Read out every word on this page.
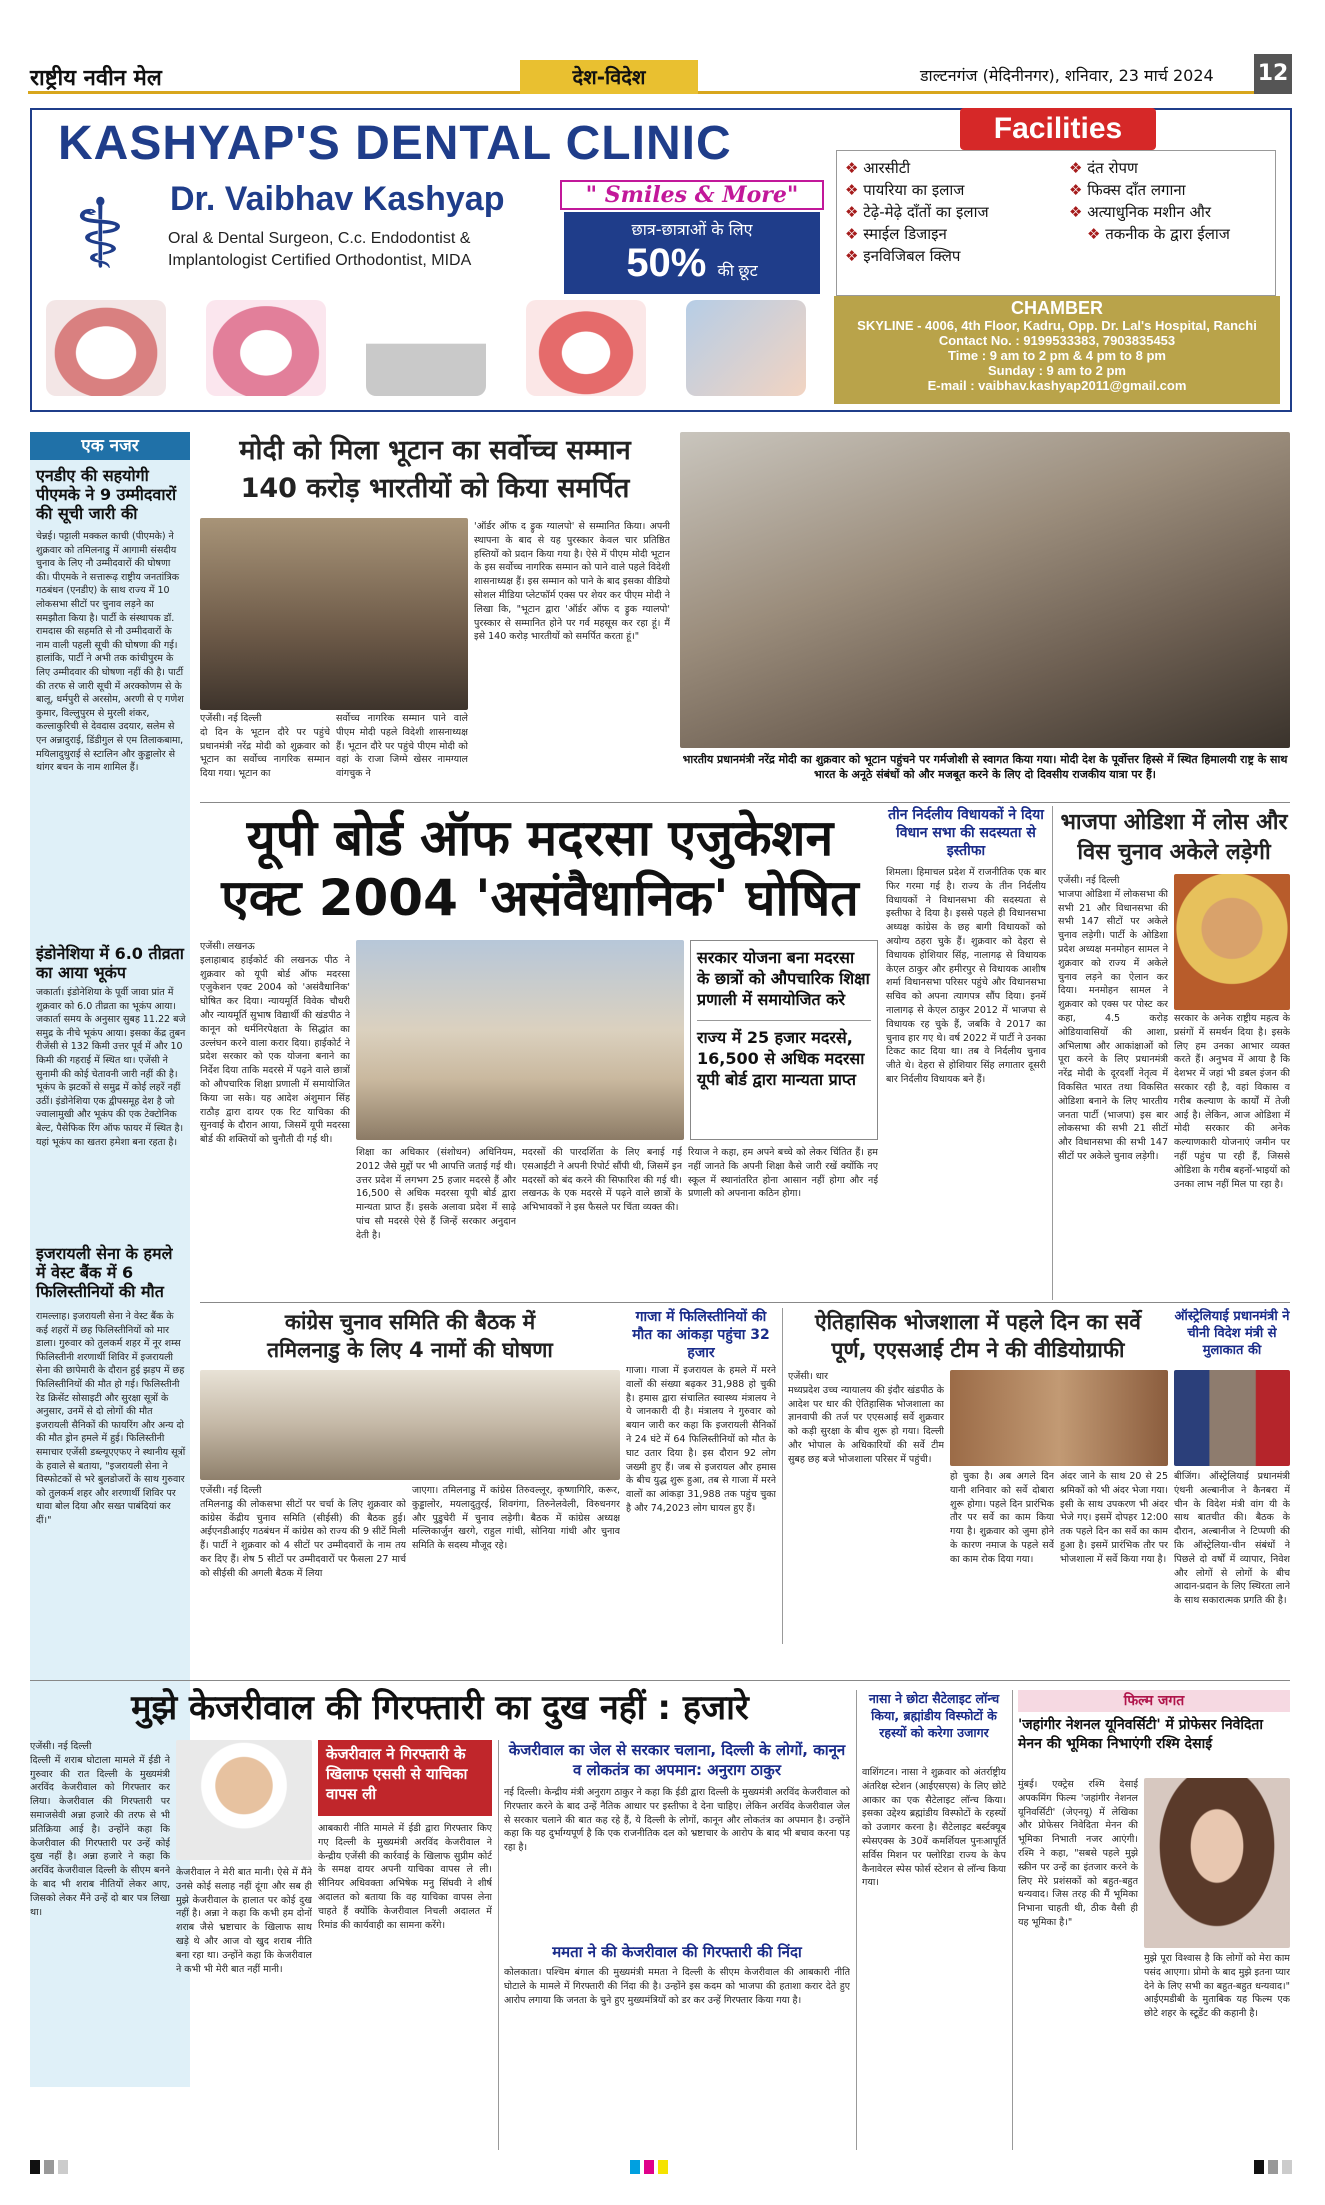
राष्ट्रीय नवीन मेल	देश-विदेश	डाल्टनगंज (मेदिनीनगर), शनिवार, 23 मार्च 2024 12
KASHYAP'S DENTAL CLINIC
⚕	Dr. Vaibhav Kashyap	" Smiles & More"
Oral & Dental Surgeon, C.c. Endodontist &
Implantologist Certified Orthodontist, MIDA
छात्र-छात्राओं के लिए
50% की छूट
Facilities
❖ आरसीटी
❖ पायरिया का इलाज
❖ टेढ़े-मेढ़े दाँतों का इलाज
❖ स्माईल डिजाइन
❖ इनविजिबल क्लिप
❖ दंत रोपण
❖ फिक्स दाँत लगाना
❖ अत्याधुनिक मशीन और
❖ तकनीक के द्वारा ईलाज
CHAMBER
SKYLINE - 4006, 4th Floor, Kadru, Opp. Dr. Lal's Hospital, Ranchi
Contact No. : 9199533383, 7903835453
Time : 9 am to 2 pm & 4 pm to 8 pm
Sunday : 9 am to 2 pm
E-mail : vaibhav.kashyap2011@gmail.com
एक नजर
एनडीए की सहयोगी पीएमके ने 9 उम्मीदवारों की सूची जारी की
चेन्नई। पट्टाली मक्कल काची (पीएमके) ने शुक्रवार को तमिलनाडु में आगामी संसदीय चुनाव के लिए नौ उम्मीदवारों की घोषणा की। पीएमके ने सत्तारूढ़ राष्ट्रीय जनतांत्रिक गठबंधन (एनडीए) के साथ राज्य में 10 लोकसभा सीटों पर चुनाव लड़ने का समझौता किया है। पार्टी के संस्थापक डॉ. रामदास की सहमति से नौ उम्मीदवारों के नाम वाली पहली सूची की घोषणा की गई। हालांकि, पार्टी ने अभी तक कांचीपुरम के लिए उम्मीदवार की घोषणा नहीं की है। पार्टी की तरफ से जारी सूची में अरक्कोणम से के बालू, धर्मपुरी से अरसोम, अरणी से ए गणेश कुमार, विल्लुपुरम से मुरली शंकर, कल्लाकुरिची से देवदास उदयार, सलेम से एन अन्नादुराई, डिंडीगुल से एम तिलाकबामा, मयिलादुथुराई से स्टालिन और कुड्डालोर से थांगर बचन के नाम शामिल हैं।
इंडोनेशिया में 6.0 तीव्रता का आया भूकंप
जकार्ता। इंडोनेशिया के पूर्वी जावा प्रांत में शुक्रवार को 6.0 तीव्रता का भूकंप आया। जकार्ता समय के अनुसार सुबह 11.22 बजे समुद्र के नीचे भूकंप आया। इसका केंद्र तुबन रीजेंसी से 132 किमी उत्तर पूर्व में और 10 किमी की गहराई में स्थित था। एजेंसी ने सुनामी की कोई चेतावनी जारी नहीं की है। भूकंप के झटकों से समुद्र में कोई लहरें नहीं उठीं। इंडोनेशिया एक द्वीपसमूह देश है जो ज्वालामुखी और भूकंप की एक टेक्टोनिक बेल्ट, पैसेफिक रिंग ऑफ फायर में स्थित है। यहां भूकंप का खतरा हमेशा बना रहता है।
इजरायली सेना के हमले में वेस्ट बैंक में 6 फिलिस्तीनियों की मौत
रामल्लाह। इजरायली सेना ने वेस्ट बैंक के कई शहरों में छह फिलिस्तीनियों को मार डाला। गुरुवार को तुलकर्म शहर में नूर शम्स फिलिस्तीनी शरणार्थी शिविर में इजरायली सेना की छापेमारी के दौरान हुई झड़प में छह फिलिस्तीनियों की मौत हो गई। फिलिस्तीनी रेड क्रिसेंट सोसाइटी और सुरक्षा सूत्रों के अनुसार, उनमें से दो लोगों की मौत इजरायली सैनिकों की फायरिंग और अन्य दो की मौत ड्रोन हमले में हुई। फिलिस्तीनी समाचार एजेंसी डब्ल्यूएएफए ने स्थानीय सूत्रों के हवाले से बताया, "इजरायली सेना ने विस्फोटकों से भरे बुलडोजरों के साथ गुरुवार को तुलकर्म शहर और शरणार्थी शिविर पर धावा बोल दिया और सख्त पाबंदियां कर दीं।"
मोदी को मिला भूटान का सर्वोच्च सम्मान
140 करोड़ भारतीयों को किया समर्पित
एजेंसी। नई दिल्ली
दो दिन के भूटान दौरे पर पहुंचे प्रधानमंत्री नरेंद्र मोदी को शुक्रवार को भूटान का सर्वोच्च नागरिक सम्मान दिया गया। भूटान का
सर्वोच्च नागरिक सम्मान पाने वाले पीएम मोदी पहले विदेशी शासनाध्यक्ष हैं। भूटान दौरे पर पहुंचे पीएम मोदी को वहां के राजा जिग्मे खेसर नामग्याल वांगचुक ने
'ऑर्डर ऑफ द ड्रुक ग्यालपो' से सम्मानित किया। अपनी स्थापना के बाद से यह पुरस्कार केवल चार प्रतिष्ठित हस्तियों को प्रदान किया गया है। ऐसे में पीएम मोदी भूटान के इस सर्वोच्च नागरिक सम्मान को पाने वाले पहले विदेशी शासनाध्यक्ष हैं। इस सम्मान को पाने के बाद इसका वीडियो सोशल मीडिया प्लेटफॉर्म एक्स पर शेयर कर पीएम मोदी ने लिखा कि, "भूटान द्वारा 'ऑर्डर ऑफ द ड्रुक ग्यालपो' पुरस्कार से सम्मानित होने पर गर्व महसूस कर रहा हूं। मैं इसे 140 करोड़ भारतीयों को समर्पित करता हूं।"
भारतीय प्रधानमंत्री नरेंद्र मोदी का शुक्रवार को भूटान पहुंचने पर गर्मजोशी से स्वागत किया गया। मोदी देश के पूर्वोत्तर हिस्से में स्थित हिमालयी राष्ट्र के साथ भारत के अनूठे संबंधों को और मजबूत करने के लिए दो दिवसीय राजकीय यात्रा पर हैं।
यूपी बोर्ड ऑफ मदरसा एजुकेशन
एक्ट 2004 'असंवैधानिक' घोषित
एजेंसी। लखनऊ
इलाहाबाद हाईकोर्ट की लखनऊ पीठ ने शुक्रवार को यूपी बोर्ड ऑफ मदरसा एजुकेशन एक्ट 2004 को 'असंवैधानिक' घोषित कर दिया। न्यायमूर्ति विवेक चौधरी और न्यायमूर्ति सुभाष विद्यार्थी की खंडपीठ ने कानून को धर्मनिरपेक्षता के सिद्धांत का उल्लंघन करने वाला करार दिया। हाईकोर्ट ने प्रदेश सरकार को एक योजना बनाने का निर्देश दिया ताकि मदरसे में पढ़ने वाले छात्रों को औपचारिक शिक्षा प्रणाली में समायोजित किया जा सके। यह आदेश अंशुमान सिंह राठौड़ द्वारा दायर एक रिट याचिका की सुनवाई के दौरान आया, जिसमें यूपी मदरसा बोर्ड की शक्तियों को चुनौती दी गई थी।
सरकार योजना बना मदरसा के छात्रों को औपचारिक शिक्षा प्रणाली में समायोजित करे
राज्य में 25 हजार मदरसे, 16,500 से अधिक मदरसा यूपी बोर्ड द्वारा मान्यता प्राप्त
शिक्षा का अधिकार (संशोधन) अधिनियम, 2012 जैसे मुद्दों पर भी आपत्ति जताई गई थी। उत्तर प्रदेश में लगभग 25 हजार मदरसे हैं और 16,500 से अधिक मदरसा यूपी बोर्ड द्वारा मान्यता प्राप्त हैं। इसके अलावा प्रदेश में साढ़े पांच सौ मदरसे ऐसे हैं जिन्हें सरकार अनुदान देती है।
मदरसों की पारदर्शिता के लिए बनाई गई एसआईटी ने अपनी रिपोर्ट सौंपी थी, जिसमें इन मदरसों को बंद करने की सिफारिश की गई थी। लखनऊ के एक मदरसे में पढ़ने वाले छात्रों के अभिभावकों ने इस फैसले पर चिंता व्यक्त की।
रियाज ने कहा, हम अपने बच्चे को लेकर चिंतित हैं। हम नहीं जानते कि अपनी शिक्षा कैसे जारी रखें क्योंकि नए स्कूल में स्थानांतरित होना आसान नहीं होगा और नई प्रणाली को अपनाना कठिन होगा।
तीन निर्दलीय विधायकों ने दिया विधान सभा की सदस्यता से इस्तीफा
शिमला। हिमाचल प्रदेश में राजनीतिक एक बार फिर गरमा गई है। राज्य के तीन निर्दलीय विधायकों ने विधानसभा की सदस्यता से इस्तीफा दे दिया है। इससे पहले ही विधानसभा अध्यक्ष कांग्रेस के छह बागी विधायकों को अयोग्य ठहरा चुके हैं। शुक्रवार को देहरा से विधायक होशियार सिंह, नालागढ़ से विधायक केएल ठाकुर और हमीरपुर से विधायक आशीष शर्मा विधानसभा परिसर पहुंचे और विधानसभा सचिव को अपना त्यागपत्र सौंप दिया। इनमें नालागढ़ से केएल ठाकुर 2012 में भाजपा से विधायक रह चुके हैं, जबकि वे 2017 का चुनाव हार गए थे। वर्ष 2022 में पार्टी ने उनका टिकट काट दिया था। तब वे निर्दलीय चुनाव जीते थे। देहरा से होशियार सिंह लगातार दूसरी बार निर्दलीय विधायक बने हैं।
भाजपा ओडिशा में लोस और विस चुनाव अकेले लड़ेगी
एजेंसी। नई दिल्ली
भाजपा ओडिशा में लोकसभा की सभी 21 और विधानसभा की सभी 147 सीटों पर अकेले चुनाव लड़ेगी। पार्टी के ओडिशा प्रदेश अध्यक्ष मनमोहन सामल ने शुक्रवार को राज्य में अकेले चुनाव लड़ने का ऐलान कर दिया। मनमोहन सामल ने शुक्रवार को एक्स पर पोस्ट कर कहा, 4.5 करोड़ ओडियावासियों की आशा, अभिलाषा और आकांक्षाओं को पूरा करने के लिए प्रधानमंत्री नरेंद्र मोदी के दूरदर्शी नेतृत्व में विकसित भारत तथा विकसित ओडिशा बनाने के लिए भारतीय जनता पार्टी (भाजपा) इस बार लोकसभा की सभी 21 सीटों और विधानसभा की सभी 147 सीटों पर अकेले चुनाव लड़ेगी।
सरकार के अनेक राष्ट्रीय महत्व के प्रसंगों में समर्थन दिया है। इसके लिए हम उनका आभार व्यक्त करते हैं। अनुभव में आया है कि देशभर में जहां भी डबल इंजन की सरकार रही है, वहां विकास व गरीब कल्याण के कार्यों में तेजी आई है। लेकिन, आज ओडिशा में मोदी सरकार की अनेक कल्याणकारी योजनाएं जमीन पर नहीं पहुंच पा रही हैं, जिससे ओडिशा के गरीब बहनों-भाइयों को उनका लाभ नहीं मिल पा रहा है।
कांग्रेस चुनाव समिति की बैठक में
तमिलनाडु के लिए 4 नामों की घोषणा
एजेंसी। नई दिल्ली
तमिलनाडु की लोकसभा सीटों पर चर्चा के लिए शुक्रवार को कांग्रेस केंद्रीय चुनाव समिति (सीईसी) की बैठक हुई। अईएनडीआईए गठबंधन में कांग्रेस को राज्य की 9 सीटें मिली हैं। पार्टी ने शुक्रवार को 4 सीटों पर उम्मीदवारों के नाम तय कर दिए हैं। शेष 5 सीटों पर उम्मीदवारों पर फैसला 27 मार्च को सीईसी की अगली बैठक में लिया
जाएगा। तमिलनाडु में कांग्रेस तिरुवल्लूर, कृष्णागिरि, करूर, कुड्डालोर, मयलादुतुरई, शिवगंगा, तिरुनेलवेली, विरुधनगर और पुडुचेरी में चुनाव लड़ेगी। बैठक में कांग्रेस अध्यक्ष मल्लिकार्जुन खरगे, राहुल गांधी, सोनिया गांधी और चुनाव समिति के सदस्य मौजूद रहे।
गाजा में फिलिस्तीनियों की मौत का आंकड़ा पहुंचा 32 हजार
गाजा। गाजा में इजरायल के हमले में मरने वालों की संख्या बढ़कर 31,988 हो चुकी है। हमास द्वारा संचालित स्वास्थ्य मंत्रालय ने ये जानकारी दी है। मंत्रालय ने गुरुवार को बयान जारी कर कहा कि इजरायली सैनिकों ने 24 घंटे में 64 फिलिस्तीनियों को मौत के घाट उतार दिया है। इस दौरान 92 लोग जख्मी हुए हैं। जब से इजरायल और हमास के बीच युद्ध शुरू हुआ, तब से गाजा में मरने वालों का आंकड़ा 31,988 तक पहुंच चुका है और 74,2023 लोग घायल हुए हैं।
ऐतिहासिक भोजशाला में पहले दिन का सर्वे
पूर्ण, एएसआई टीम ने की वीडियोग्राफी
एजेंसी। धार
मध्यप्रदेश उच्च न्यायालय की इंदौर खंडपीठ के आदेश पर धार की ऐतिहासिक भोजशाला का ज्ञानवापी की तर्ज पर एएसआई सर्वे शुक्रवार को कड़ी सुरक्षा के बीच शुरू हो गया। दिल्ली और भोपाल के अधिकारियों की सर्वे टीम सुबह छह बजे भोजशाला परिसर में पहुंची।
हो चुका है। अब अगले दिन यानी शनिवार को सर्वे दोबारा शुरू होगा। पहले दिन प्रारंभिक तौर पर सर्वे का काम किया गया है। शुक्रवार को जुमा होने के कारण नमाज के पहले सर्वे का काम रोक दिया गया।
अंदर जाने के साथ 20 से 25 श्रमिकों को भी अंदर भेजा गया। इसी के साथ उपकरण भी अंदर भेजे गए। इसमें दोपहर 12:00 तक पहले दिन का सर्वे का काम हुआ है। इसमें प्रारंभिक तौर पर भोजशाला में सर्वे किया गया है।
ऑस्ट्रेलियाई प्रधानमंत्री ने चीनी विदेश मंत्री से मुलाकात की
बीजिंग। ऑस्ट्रेलियाई प्रधानमंत्री एंथनी अल्बानीज ने कैनबरा में चीन के विदेश मंत्री वांग यी के साथ बातचीत की। बैठक के दौरान, अल्बानीज ने टिप्पणी की कि ऑस्ट्रेलिया-चीन संबंधों ने पिछले दो वर्षों में व्यापार, निवेश और लोगों से लोगों के बीच आदान-प्रदान के लिए स्थिरता लाने के साथ सकारात्मक प्रगति की है।
मुझे केजरीवाल की गिरफ्तारी का दुख नहीं : हजारे
एजेंसी। नई दिल्ली
दिल्ली में शराब घोटाला मामले में ईडी ने गुरुवार की रात दिल्ली के मुख्यमंत्री अरविंद केजरीवाल को गिरफ्तार कर लिया। केजरीवाल की गिरफ्तारी पर समाजसेवी अन्ना हजारे की तरफ से भी प्रतिक्रिया आई है। उन्होंने कहा कि केजरीवाल की गिरफ्तारी पर उन्हें कोई दुख नहीं है। अन्ना हजारे ने कहा कि अरविंद केजरीवाल दिल्ली के सीएम बनने के बाद भी शराब नीतियों लेकर आए, जिसको लेकर मैंने उन्हें दो बार पत्र लिखा था।
केजरीवाल ने मेरी बात मानी। ऐसे में मैंने उनसे कोई सलाह नहीं दूंगा और सब ही मुझे केजरीवाल के हालात पर कोई दुख नहीं है। अन्ना ने कहा कि कभी हम दोनों शराब जैसे भ्रष्टाचार के खिलाफ साथ खड़े थे और आज वो खुद शराब नीति बना रहा था। उन्होंने कहा कि केजरीवाल ने कभी भी मेरी बात नहीं मानी।
केजरीवाल ने गिरफ्तारी के खिलाफ एससी से याचिका वापस ली
आबकारी नीति मामले में ईडी द्वारा गिरफ्तार किए गए दिल्ली के मुख्यमंत्री अरविंद केजरीवाल ने केन्द्रीय एजेंसी की कार्रवाई के खिलाफ सुप्रीम कोर्ट के समक्ष दायर अपनी याचिका वापस ले ली। सीनियर अधिवक्ता अभिषेक मनु सिंघवी ने शीर्ष अदालत को बताया कि वह याचिका वापस लेना चाहते हैं क्योंकि केजरीवाल निचली अदालत में रिमांड की कार्यवाही का सामना करेंगे।
केजरीवाल का जेल से सरकार चलाना, दिल्ली के लोगों, कानून व लोकतंत्र का अपमान: अनुराग ठाकुर
नई दिल्ली। केन्द्रीय मंत्री अनुराग ठाकुर ने कहा कि ईडी द्वारा दिल्ली के मुख्यमंत्री अरविंद केजरीवाल को गिरफ्तार करने के बाद उन्हें नैतिक आधार पर इस्तीफा दे देना चाहिए। लेकिन अरविंद केजरीवाल जेल से सरकार चलाने की बात कह रहे हैं, ये दिल्ली के लोगों, कानून और लोकतंत्र का अपमान है। उन्होंने कहा कि यह दुर्भाग्यपूर्ण है कि एक राजनीतिक दल को भ्रष्टाचार के आरोप के बाद भी बचाव करना पड़ रहा है।
ममता ने की केजरीवाल की गिरफ्तारी की निंदा
कोलकाता। पश्चिम बंगाल की मुख्यमंत्री ममता ने दिल्ली के सीएम केजरीवाल की आबकारी नीति घोटाले के मामले में गिरफ्तारी की निंदा की है। उन्होंने इस कदम को भाजपा की हताशा करार देते हुए आरोप लगाया कि जनता के चुने हुए मुख्यमंत्रियों को डर कर उन्हें गिरफ्तार किया गया है।
नासा ने छोटा सैटेलाइट लॉन्च किया, ब्रह्मांडीय विस्फोटों के रहस्यों को करेगा उजागर
वाशिंगटन। नासा ने शुक्रवार को अंतर्राष्ट्रीय अंतरिक्ष स्टेशन (आईएसएस) के लिए छोटे आकार का एक सैटेलाइट लॉन्च किया। इसका उद्देश्य ब्रह्मांडीय विस्फोटों के रहस्यों को उजागर करना है। सैटेलाइट बर्स्टक्यूब स्पेसएक्स के 30वें कमर्शियल पुनःआपूर्ति सर्विस मिशन पर फ्लोरिडा राज्य के केप कैनावेरल स्पेस फोर्स स्टेशन से लॉन्च किया गया।
फिल्म जगत
'जहांगीर नेशनल यूनिवर्सिटी' में प्रोफेसर निवेदिता मेनन की भूमिका निभाएंगी रश्मि देसाई
मुंबई। एक्ट्रेस रश्मि देसाई अपकमिंग फिल्म 'जहांगीर नेशनल यूनिवर्सिटी' (जेएनयू) में लेखिका और प्रोफेसर निवेदिता मेनन की भूमिका निभाती नजर आएंगी। रश्मि ने कहा, "सबसे पहले मुझे स्क्रीन पर उन्हें का इंतजार करने के लिए मेरे प्रशंसकों को बहुत-बहुत धन्यवाद। जिस तरह की मैं भूमिका निभाना चाहती थी, ठीक वैसी ही यह भूमिका है।"
मुझे पूरा विश्वास है कि लोगों को मेरा काम पसंद आएगा। प्रोमो के बाद मुझे इतना प्यार देने के लिए सभी का बहुत-बहुत धन्यवाद।" आईएमडीबी के मुताबिक यह फिल्म एक छोटे शहर के स्टूडेंट की कहानी है।
